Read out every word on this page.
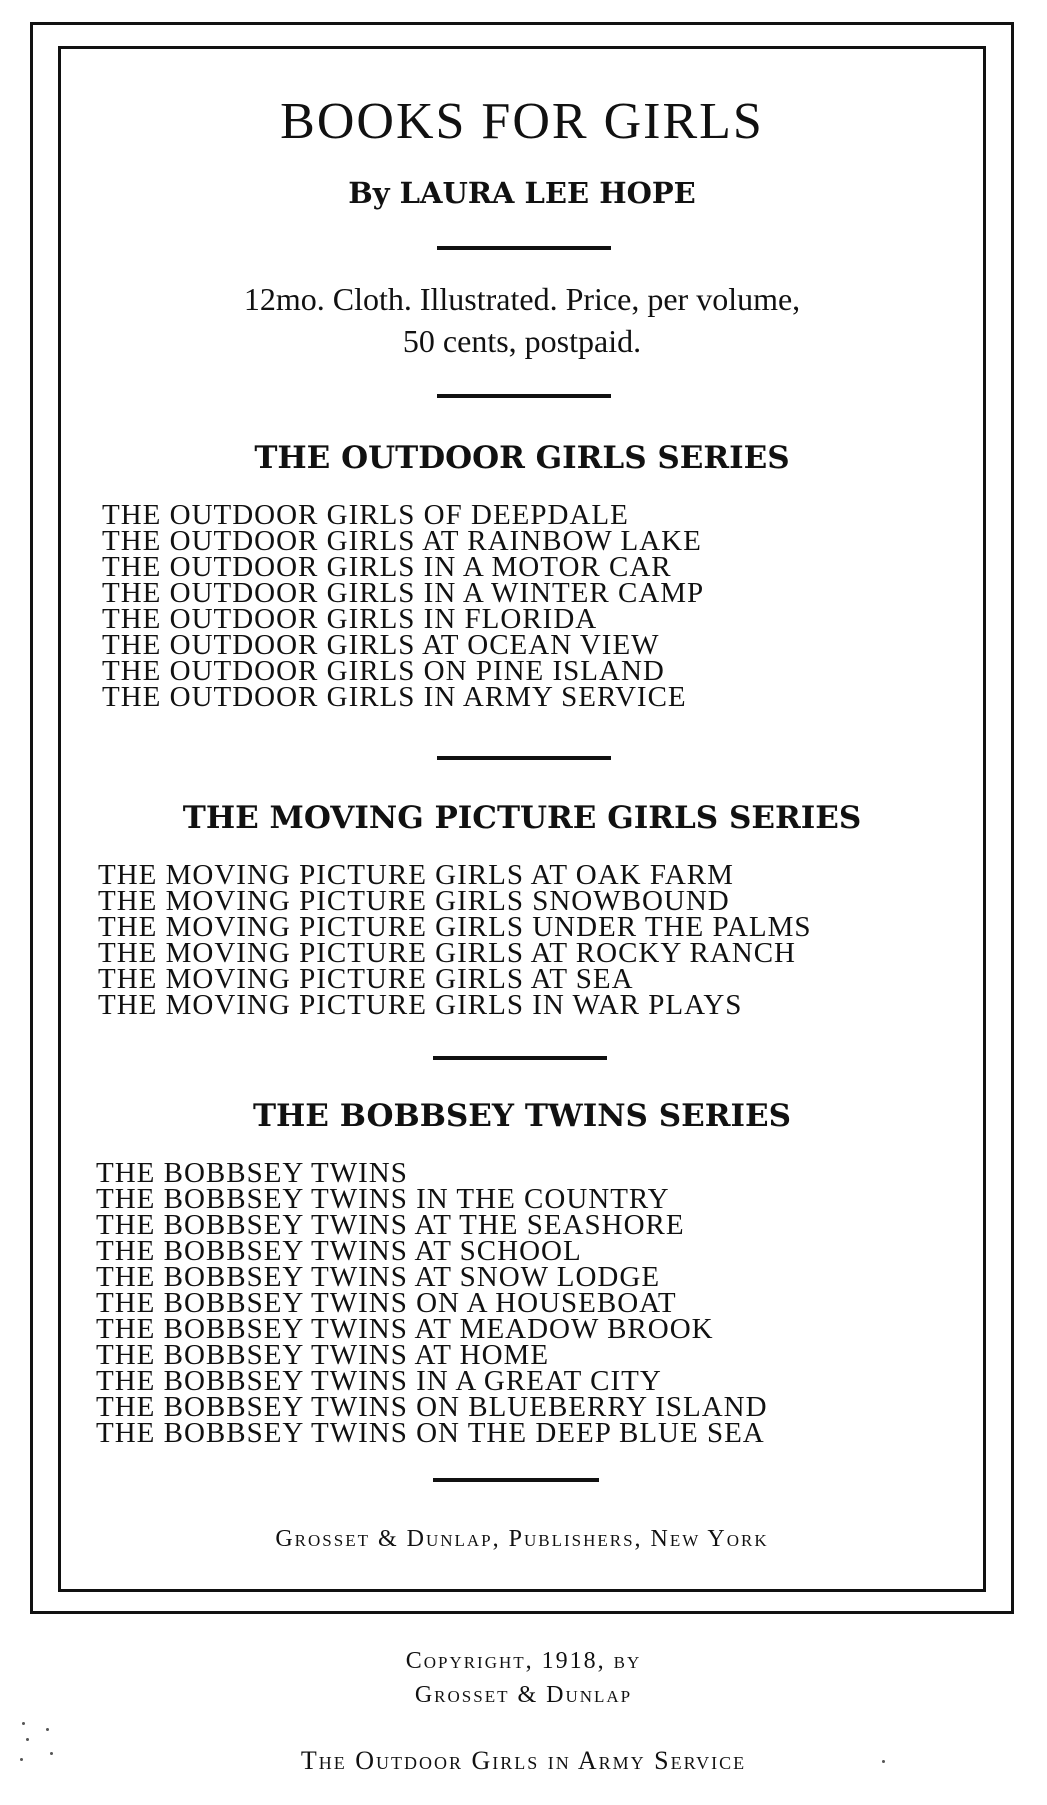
BOOKS FOR GIRLS
By LAURA LEE HOPE
12mo. Cloth. Illustrated. Price, per volume,
50 cents, postpaid.
THE OUTDOOR GIRLS SERIES
THE OUTDOOR GIRLS OF DEEPDALE
THE OUTDOOR GIRLS AT RAINBOW LAKE
THE OUTDOOR GIRLS IN A MOTOR CAR
THE OUTDOOR GIRLS IN A WINTER CAMP
THE OUTDOOR GIRLS IN FLORIDA
THE OUTDOOR GIRLS AT OCEAN VIEW
THE OUTDOOR GIRLS ON PINE ISLAND
THE OUTDOOR GIRLS IN ARMY SERVICE
THE MOVING PICTURE GIRLS SERIES
THE MOVING PICTURE GIRLS AT OAK FARM
THE MOVING PICTURE GIRLS SNOWBOUND
THE MOVING PICTURE GIRLS UNDER THE PALMS
THE MOVING PICTURE GIRLS AT ROCKY RANCH
THE MOVING PICTURE GIRLS AT SEA
THE MOVING PICTURE GIRLS IN WAR PLAYS
THE BOBBSEY TWINS SERIES
THE BOBBSEY TWINS
THE BOBBSEY TWINS IN THE COUNTRY
THE BOBBSEY TWINS AT THE SEASHORE
THE BOBBSEY TWINS AT SCHOOL
THE BOBBSEY TWINS AT SNOW LODGE
THE BOBBSEY TWINS ON A HOUSEBOAT
THE BOBBSEY TWINS AT MEADOW BROOK
THE BOBBSEY TWINS AT HOME
THE BOBBSEY TWINS IN A GREAT CITY
THE BOBBSEY TWINS ON BLUEBERRY ISLAND
THE BOBBSEY TWINS ON THE DEEP BLUE SEA
Grosset & Dunlap, Publishers, New York
Copyright, 1918, by
Grosset & Dunlap
The Outdoor Girls in Army Service
